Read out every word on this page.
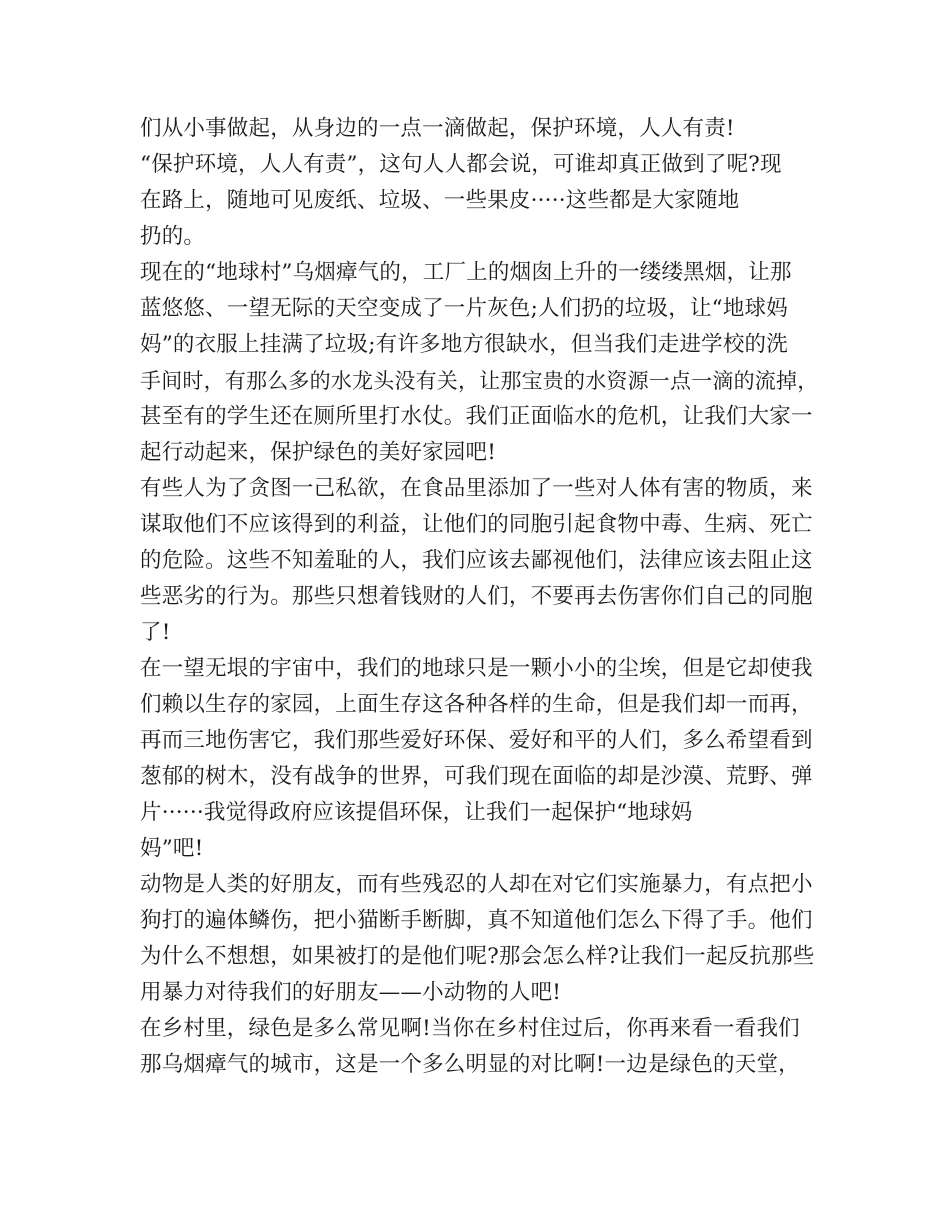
们从小事做起，从身边的一点一滴做起，保护环境，人人有责!
“保护环境，人人有责”，这句人人都会说，可谁却真正做到了呢?现
在路上，随地可见废纸、垃圾、一些果皮·····这些都是大家随地
扔的。
现在的“地球村”乌烟瘴气的，工厂上的烟囱上升的一缕缕黑烟，让那
蓝悠悠、一望无际的天空变成了一片灰色;人们扔的垃圾，让“地球妈
妈”的衣服上挂满了垃圾;有许多地方很缺水，但当我们走进学校的洗
手间时，有那么多的水龙头没有关，让那宝贵的水资源一点一滴的流掉，
甚至有的学生还在厕所里打水仗。我们正面临水的危机，让我们大家一
起行动起来，保护绿色的美好家园吧!
有些人为了贪图一己私欲，在食品里添加了一些对人体有害的物质，来
谋取他们不应该得到的利益，让他们的同胞引起食物中毒、生病、死亡
的危险。这些不知羞耻的人，我们应该去鄙视他们，法律应该去阻止这
些恶劣的行为。那些只想着钱财的人们，不要再去伤害你们自己的同胞
了!
在一望无垠的宇宙中，我们的地球只是一颗小小的尘埃，但是它却使我
们赖以生存的家园，上面生存这各种各样的生命，但是我们却一而再，
再而三地伤害它，我们那些爱好环保、爱好和平的人们，多么希望看到
葱郁的树木，没有战争的世界，可我们现在面临的却是沙漠、荒野、弹
片······我觉得政府应该提倡环保，让我们一起保护“地球妈
妈”吧!
动物是人类的好朋友，而有些残忍的人却在对它们实施暴力，有点把小
狗打的遍体鳞伤，把小猫断手断脚，真不知道他们怎么下得了手。他们
为什么不想想，如果被打的是他们呢?那会怎么样?让我们一起反抗那些
用暴力对待我们的好朋友——小动物的人吧!
在乡村里，绿色是多么常见啊!当你在乡村住过后，你再来看一看我们
那乌烟瘴气的城市，这是一个多么明显的对比啊!一边是绿色的天堂，
